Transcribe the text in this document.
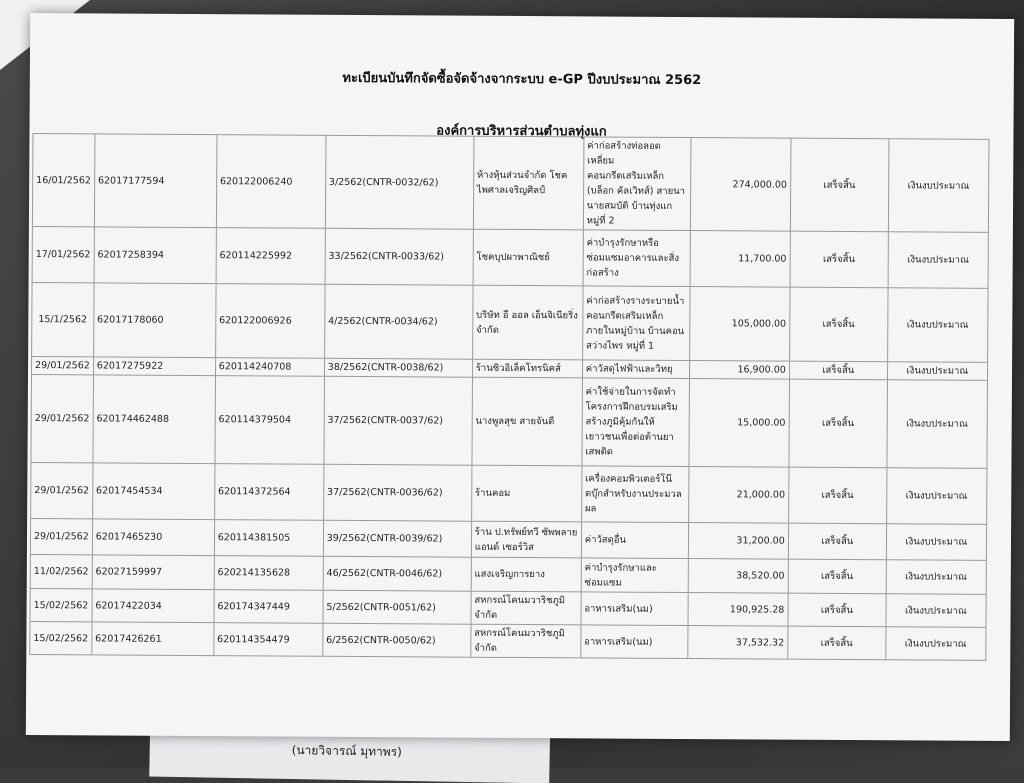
(นายวิจารณ์ มุทาพร)
ทะเบียนบันทึกจัดซื้อจัดจ้างจากระบบ e-GP ปีงบประมาณ 2562
องค์การบริหารส่วนตำบลทุ่งแก
16/01/2562	62017177594	620122006240	3/2562(CNTR-0032/62)	ห้างหุ้นส่วนจำกัด โชคไพศาลเจริญศิลป์	ค่าก่อสร้างท่อลอดเหลี่ยมคอนกรีตเสริมเหล็ก (บล็อก คัลเวิทส์) สายนานายสมบัติ บ้านทุ่งแก หมู่ที่ 2	274,000.00	เสร็จสิ้น	เงินงบประมาณ
17/01/2562	62017258394	620114225992	33/2562(CNTR-0033/62)	โชคบุปผาพาณิชย์	ค่าบำรุงรักษาหรือซ่อมแซมอาคารและสิ่งก่อสร้าง	11,700.00	เสร็จสิ้น	เงินงบประมาณ
15/1/2562	62017178060	620122006926	4/2562(CNTR-0034/62)	บริษัท อี ออล เอ็นจิเนียริ่ง จำกัด	ค่าก่อสร้างรางระบายน้ำคอนกรีตเสริมเหล็ก ภายในหมู่บ้าน บ้านคอนสว่างไพร หมู่ที่ 1	105,000.00	เสร็จสิ้น	เงินงบประมาณ
29/01/2562	62017275922	620114240708	38/2562(CNTR-0038/62)	ร้านซิวอิเล็คโทรนิคส์	ค่าวัสดุไฟฟ้าและวิทยุ	16,900.00	เสร็จสิ้น	เงินงบประมาณ
29/01/2562	620174462488	620114379504	37/2562(CNTR-0037/62)	นางพูลสุข สายจันดี	ค่าใช้จ่ายในการจัดทำโครงการฝึกอบรมเสริมสร้างภูมิคุ้มกันให้เยาวชนเพื่อต่อต้านยาเสพติด	15,000.00	เสร็จสิ้น	เงินงบประมาณ
29/01/2562	62017454534	620114372564	37/2562(CNTR-0036/62)	ร้านคอม	เครื่องคอมพิวเตอร์โน๊ตบุ๊กสำหรับงานประมวลผล	21,000.00	เสร็จสิ้น	เงินงบประมาณ
29/01/2562	62017465230	620114381505	39/2562(CNTR-0039/62)	ร้าน ป.ทรัพย์ทวี ซัพพลาย แอนด์ เซอร์วิส	ค่าวัสดุอื่น	31,200.00	เสร็จสิ้น	เงินงบประมาณ
11/02/2562	62027159997	620214135628	46/2562(CNTR-0046/62)	แสงเจริญการยาง	ค่าบำรุงรักษาและซ่อมแซม	38,520.00	เสร็จสิ้น	เงินงบประมาณ
15/02/2562	62017422034	620174347449	5/2562(CNTR-0051/62)	สหกรณ์โคนมวาริชภูมิ จำกัด	อาหารเสริม(นม)	190,925.28	เสร็จสิ้น	เงินงบประมาณ
15/02/2562	62017426261	620114354479	6/2562(CNTR-0050/62)	สหกรณ์โคนมวาริชภูมิ จำกัด	อาหารเสริม(นม)	37,532.32	เสร็จสิ้น	เงินงบประมาณ
